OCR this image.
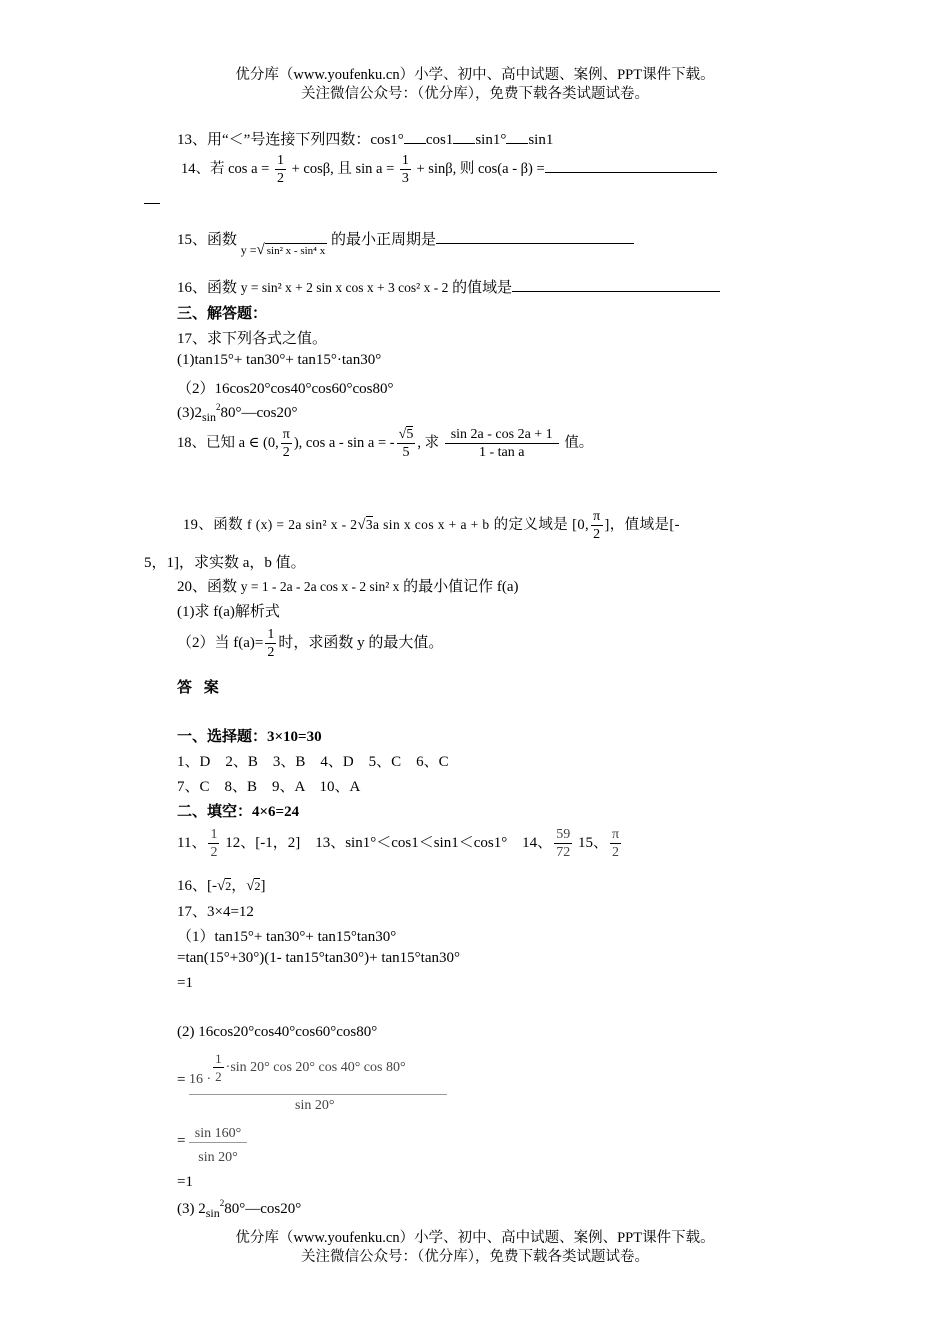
优分库（www.youfenku.cn）小学、初中、高中试题、案例、PPT课件下载。
关注微信公众号：（优分库），免费下载各类试题试卷。
13、用“＜”号连接下列四数：cos1° cos1 sin1° sin1
14、若 $\cos a = \frac{1}{2} + \cos\beta$, 且 $\sin a = \frac{1}{3} + \sin\beta$, 则 cos(a - β) =
15、函数 $_{y =}$√ sin² x - sin⁴ x 的最小正周期是
16、函数 y = sin² x + 2 sin x cos x + 3 cos² x - 2 的值域是
三、解答题：
17、求下列各式之值。
(1)tan15°+ tan30°+ tan15°·tan30°
（2）16cos20°cos40°cos60°cos80°
$(3)2_{sin}^280^\circ—\cos 20^\circ$
18、已知 a ∈ (0, $\frac{\pi}{2}$ ), cos a - sin a = - $\frac{√5}{5}$ , 求 $\frac{\sin 2a - \cos 2a + 1}{\text{1 - tan a}}$ 值。
19、函数 f (x) = 2a sin² x - 2√3a sin x cos x + a + b 的定义域是 [0, $\frac{\pi}{2}$ ]，值域是[-
5，1]，求实数 a，b 值。
20、函数 y = 1 - 2a - 2a cos x - 2 sin² x 的最小值记作 f(a)
(1)求 f(a)解析式
（2）当 $f(a)= \frac{1}{2}$ 时，求函数 y 的最大值。
答 案
一、选择题：3×10=30
1、D　2、B　3、B　4、D　5、C　6、C
7、C　8、B　9、A　10、A
二、填空：4×6=24
11、 $\frac{1}{2} 12$、[-1，2]　13、sin1°＜cos1＜sin1＜cos1°　14、 $\frac{59}{72} 15$、 $\frac{\pi}{2}$
16、[-√2，√2]
17、3×4=12
（1）tan15°+ tan30°+ tan15°tan30°
=tan(15°+30°)(1- tan15°tan30°)+ tan15°tan30°
=1
(2) 16cos20°cos40°cos60°cos80°
= $16 \cdot \frac{1}{2} \cdot\sin$ 20° cos 20° cos 40° cos 80°
sin 20°
= sin 160°
sin 20°
=1
(3) $2_{sin}^280^\circ—\cos 20^\circ$
优分库（www.youfenku.cn）小学、初中、高中试题、案例、PPT课件下载。
关注微信公众号：（优分库），免费下载各类试题试卷。
